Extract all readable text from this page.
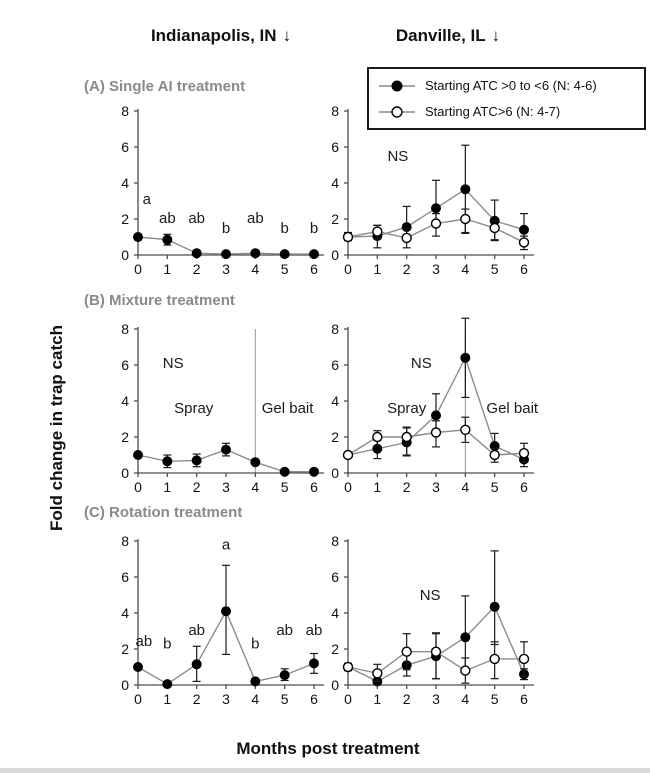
Indianapolis, IN ↓	Danville, IL ↓
(A) Single AI treatment
(B) Mixture treatment
(C) Rotation treatment
0
2
4
6
8
0 1 2 3 4 5 6
a
ab ab
b
ab
b b
0
2
4
6
8
0 1 2 3 4 5 6
NS
0
2
4
6
8
0 1 2 3 4 5 6
NS
Spray	Gel bait
0
2
4
6
8
0 1 2 3 4 5 6
NS
Spray	Gel bait
0
2
4
6
8
0 1 2 3 4 5 6
ab b
ab
a
b
ab ab
0
2
4
6
8
0 1 2 3 4 5 6
NS
Starting ATC >0 to <6 (N: 4-6)
Starting ATC>6 (N: 4-7)
Fold change in trap catch
Months post treatment
